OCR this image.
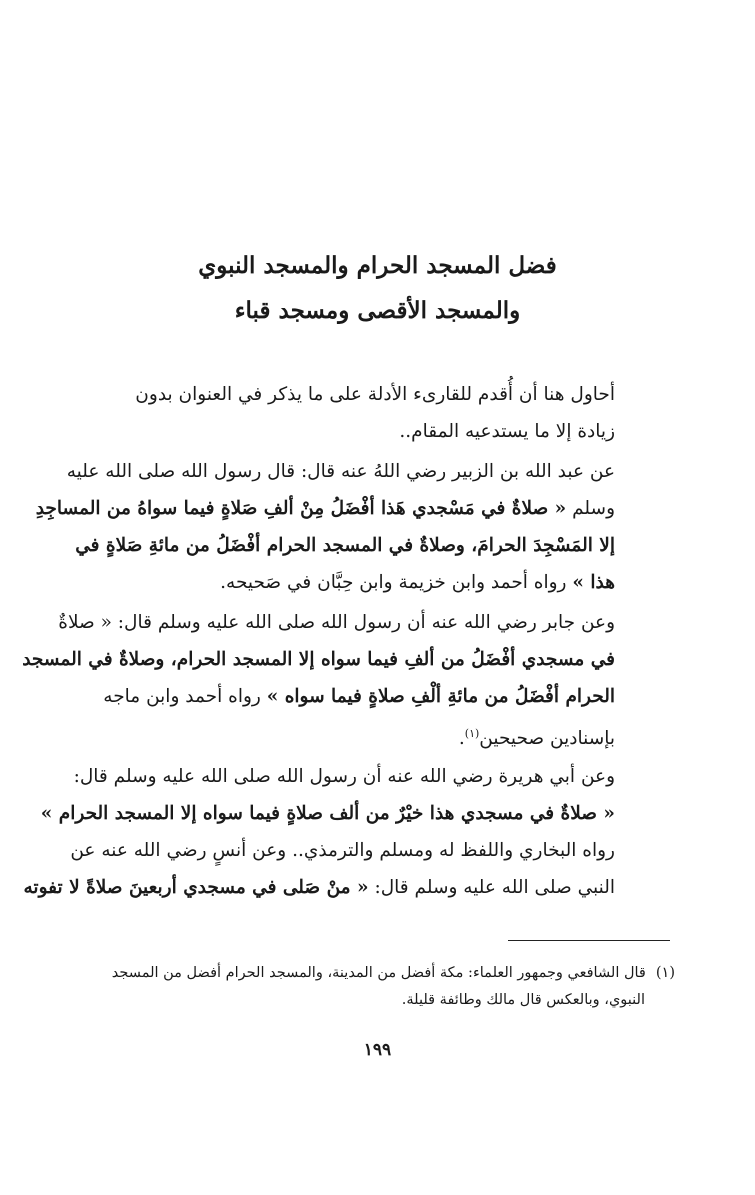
فضل المسجد الحرام والمسجد النبوي
والمسجد الأقصى ومسجد قباء
أحاول هنا أن أُقدم للقارىء الأدلة على ما يذكر في العنوان بدون
زيادة إلا ما يستدعيه المقام..
عن عبد الله بن الزبير رضي اللهُ عنه قال: قال رسول الله صلى الله عليه
وسلم « صلاةٌ في مَسْجدي هَذا أفْضَلُ مِنْ ألفِ صَلاةٍ فيما سواهُ من المساجِدِ
إلا المَسْجِدَ الحرامَ، وصلاةٌ في المسجد الحرام أفْضَلُ من مائةِ صَلاةٍ في
هذا » رواه أحمد وابن خزيمة وابن حِبَّان في صَحيحه.
وعن جابر رضي الله عنه أن رسول الله صلى الله عليه وسلم قال: « صلاةٌ
في مسجدي أفْضَلُ من ألفِ فيما سواه إلا المسجد الحرام، وصلاةٌ في المسجد
الحرام أفْضَلُ من مائةِ ألْفِ صلاةٍ فيما سواه » رواه أحمد وابن ماجه
بإسنادين صحيحين$^{(١)}$.
وعن أبي هريرة رضي الله عنه أن رسول الله صلى الله عليه وسلم قال:
« صلاةٌ في مسجدي هذا خيْرٌ من ألف صلاةٍ فيما سواه إلا المسجد الحرام »
رواه البخاري واللفظ له ومسلم والترمذي.. وعن أنسٍ رضي الله عنه عن
النبي صلى الله عليه وسلم قال: « منْ صَلى في مسجدي أربعينَ صلاةً لا تفوته
(١)قال الشافعي وجمهور العلماء: مكة أفضل من المدينة، والمسجد الحرام أفضل من المسجد
النبوي، وبالعكس قال مالك وطائفة قليلة.
١٩٩
